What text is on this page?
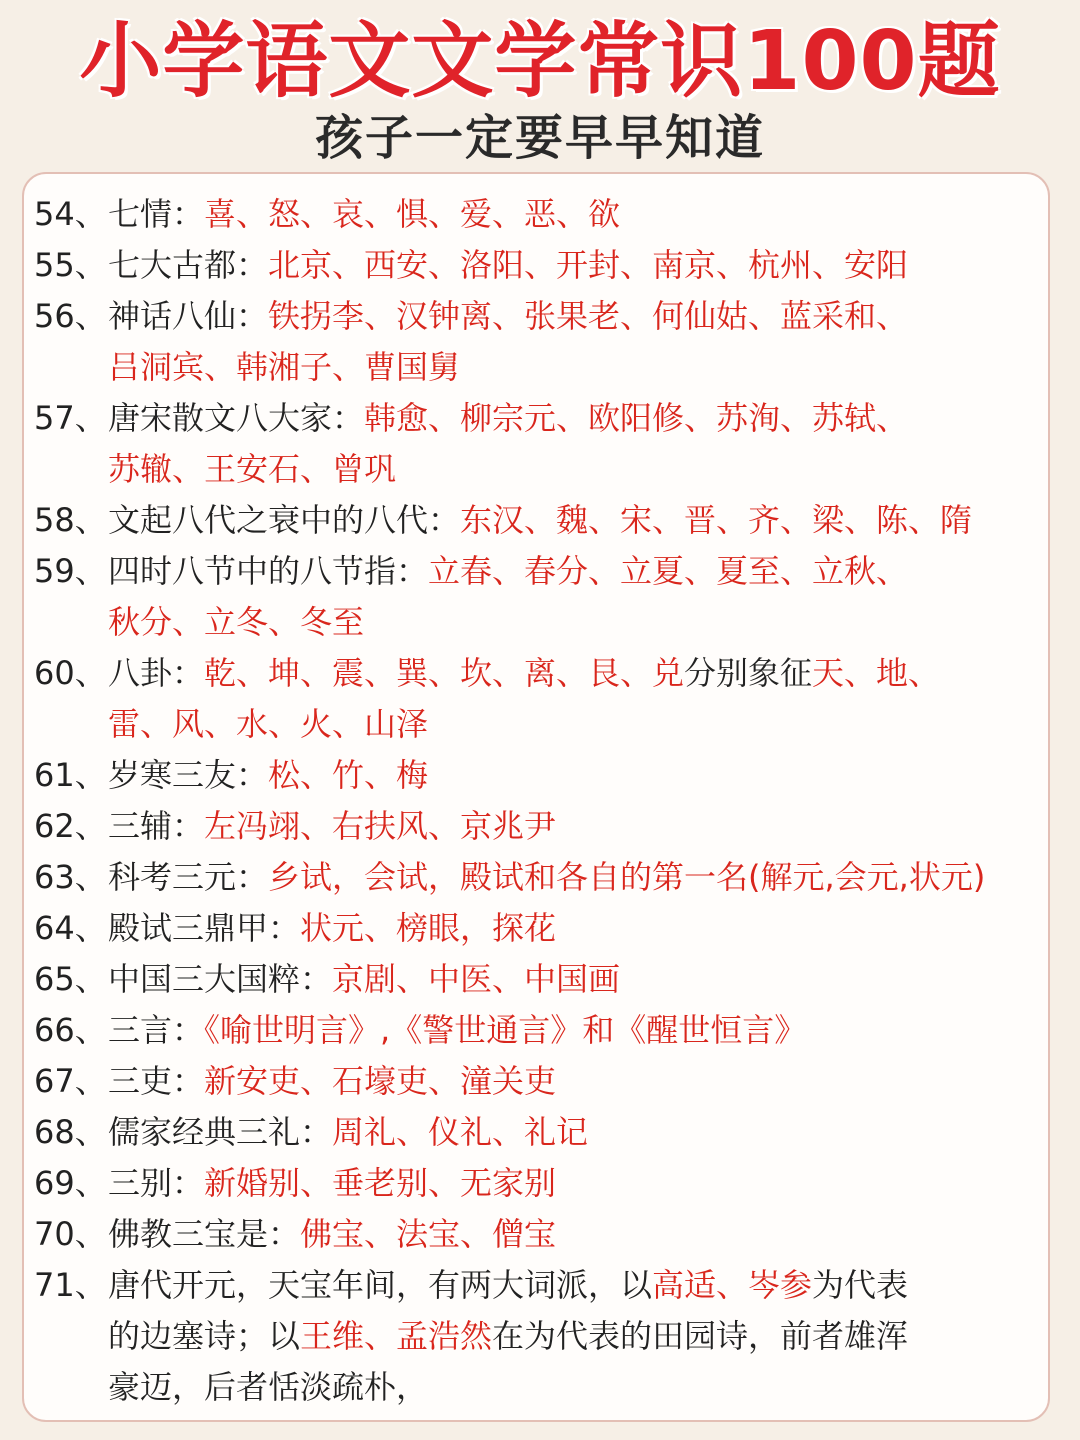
小学语文文学常识100题
孩子一定要早早知道
54、 七情：喜、怒、哀、惧、爱、恶、欲
55、 七大古都：北京、西安、洛阳、开封、南京、杭州、安阳
56、 神话八仙：铁拐李、汉钟离、张果老、何仙姑、蓝采和、
吕洞宾、韩湘子、曹国舅
57、 唐宋散文八大家：韩愈、柳宗元、欧阳修、苏洵、苏轼、
苏辙、王安石、曾巩
58、 文起八代之衰中的八代：东汉、魏、宋、晋、齐、梁、陈、隋
59、 四时八节中的八节指：立春、春分、立夏、夏至、立秋、
秋分、立冬、冬至
60、 八卦：乾、坤、震、巽、坎、离、艮、兑分别象征天、地、
雷、风、水、火、山泽
61、 岁寒三友：松、竹、梅
62、 三辅：左冯翊、右扶风、京兆尹
63、 科考三元：乡试，会试，殿试和各自的第一名(解元,会元,状元)
64、 殿试三鼎甲：状元、榜眼，探花
65、 中国三大国粹：京剧、中医、中国画
66、 三言：《喻世明言》,《警世通言》和《醒世恒言》
67、 三吏：新安吏、石壕吏、潼关吏
68、 儒家经典三礼：周礼、仪礼、礼记
69、 三别：新婚别、垂老别、无家别
70、 佛教三宝是：佛宝、法宝、僧宝
71、 唐代开元，天宝年间，有两大词派，以高适、岑参为代表
的边塞诗；以王维、孟浩然在为代表的田园诗，前者雄浑
豪迈，后者恬淡疏朴，
